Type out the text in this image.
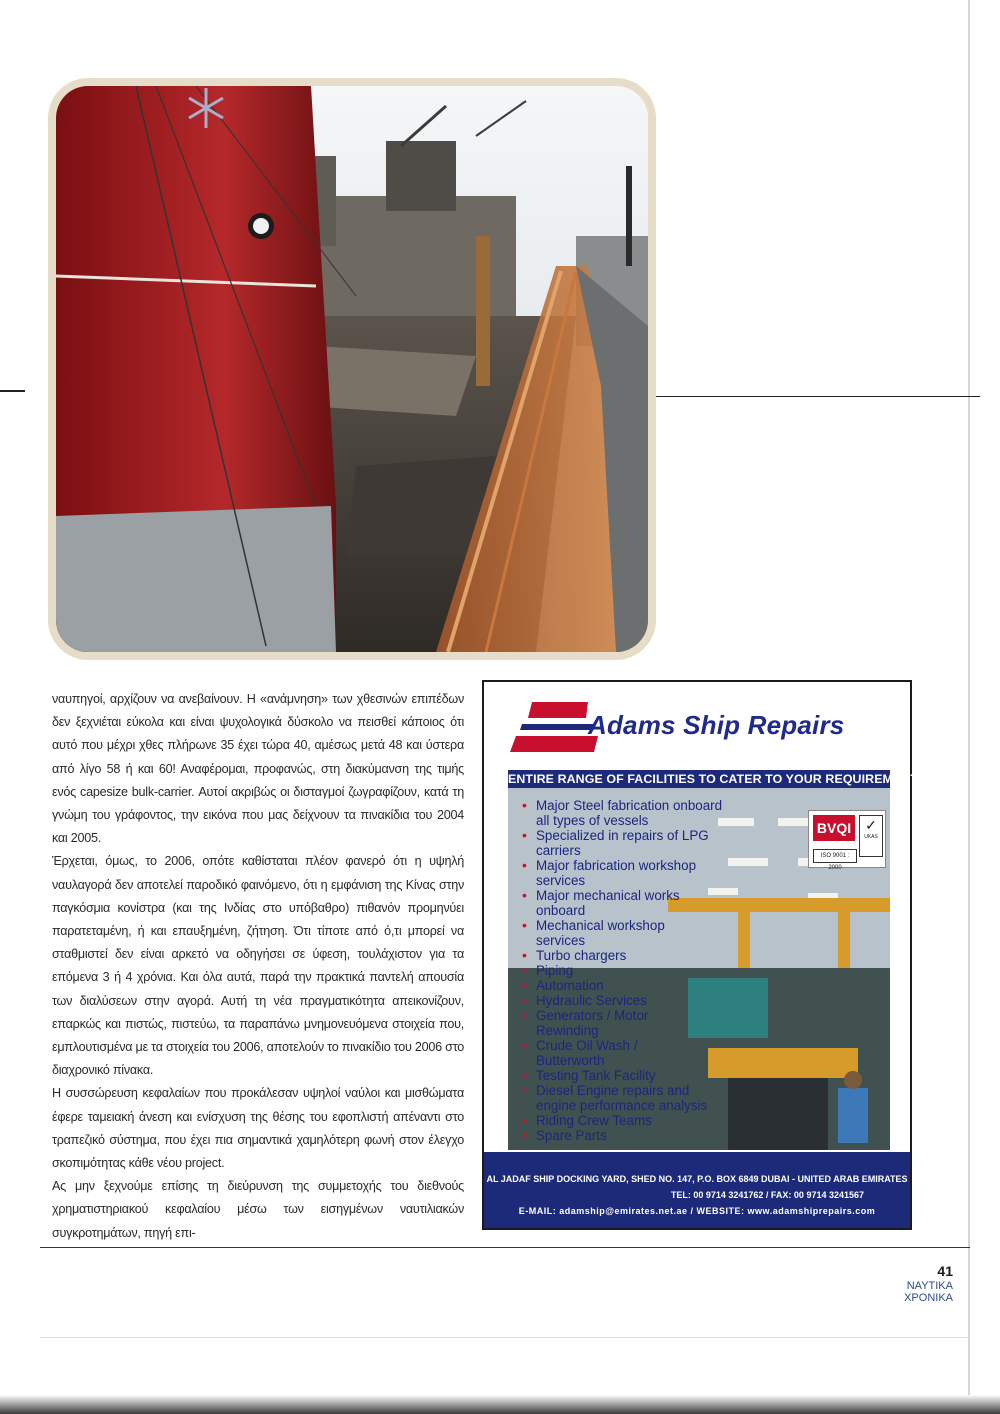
ναυπηγοί, αρχίζουν να ανεβαίνουν. Η «ανάμνηση» των χθεσινών επιπέδων δεν ξεχνιέται εύκολα και είναι ψυχολογικά δύσκολο να πεισθεί κάποιος ότι αυτό που μέχρι χθες πλήρωνε 35 έχει τώρα 40, αμέσως μετά 48 και ύστερα από λίγο 58 ή και 60! Αναφέρομαι, προφανώς, στη διακύμανση της τιμής ενός capesize bulk-carrier. Αυτοί ακριβώς οι δισταγμοί ζωγραφίζουν, κατά τη γνώμη του γράφοντος, την εικόνα που μας δείχνουν τα πινακίδια του 2004 και 2005.

Έρχεται, όμως, το 2006, οπότε καθίσταται πλέον φανερό ότι η υψηλή ναυλαγορά δεν αποτελεί παροδικό φαινόμενο, ότι η εμφάνιση της Κίνας στην παγκόσμια κονίστρα (και της Ινδίας στο υπόβαθρο) πιθανόν προμηνύει παρατεταμένη, ή και επαυξημένη, ζήτηση. Ότι τίποτε από ό,τι μπορεί να σταθμιστεί δεν είναι αρκετό να οδηγήσει σε ύφεση, τουλάχιστον για τα επόμενα 3 ή 4 χρόνια. Και όλα αυτά, παρά την πρακτικά παντελή απουσία των διαλύσεων στην αγορά. Αυτή τη νέα πραγματικότητα απεικονίζουν, επαρκώς και πιστώς, πιστεύω, τα παραπάνω μνημονευόμενα στοιχεία που, εμπλουτισμένα με τα στοιχεία του 2006, αποτελούν το πινακίδιο του 2006 στο διαχρονικό πίνακα.

Η συσσώρευση κεφαλαίων που προκάλεσαν υψηλοί ναύλοι και μισθώματα έφερε ταμειακή άνεση και ενίσχυση της θέσης του εφοπλιστή απέναντι στο τραπεζικό σύστημα, που έχει πια σημαντικά χαμηλότερη φωνή στον έλεγχο σκοπιμότητας κάθε νέου project.

Ας μην ξεχνούμε επίσης τη διεύρυνση της συμμετοχής του διεθνούς χρηματιστηριακού κεφαλαίου μέσω των εισηγμένων ναυτιλιακών συγκροτημάτων, πηγή επι-

Adams Ship Repairs
ENTIRE RANGE OF FACILITIES TO CATER TO YOUR REQUIREMENTS
• Major Steel fabrication onboard all types of vessels
• Specialized in repairs of LPG carriers
• Major fabrication workshop services
• Major mechanical works onboard
• Mechanical workshop services
• Turbo chargers
• Piping
• Automation
• Hydraulic Services
• Generators / Motor Rewinding
• Crude Oil Wash / Butterworth
• Testing Tank Facility
• Diesel Engine repairs and engine performance analysis
• Riding Crew Teams
• Spare Parts
BVQI	✓
UKAS
ISO 9001 : 2000
AL JADAF SHIP DOCKING YARD, SHED NO. 147, P.O. BOX 6849 DUBAI - UNITED ARAB EMIRATES
TEL: 00 9714 3241762 / FAX: 00 9714 3241567
E-MAIL: adamship@emirates.net.ae / WEBSITE: www.adamshiprepairs.com
41
ΝΑΥΤΙΚΑ
ΧΡΟΝΙΚΑ
